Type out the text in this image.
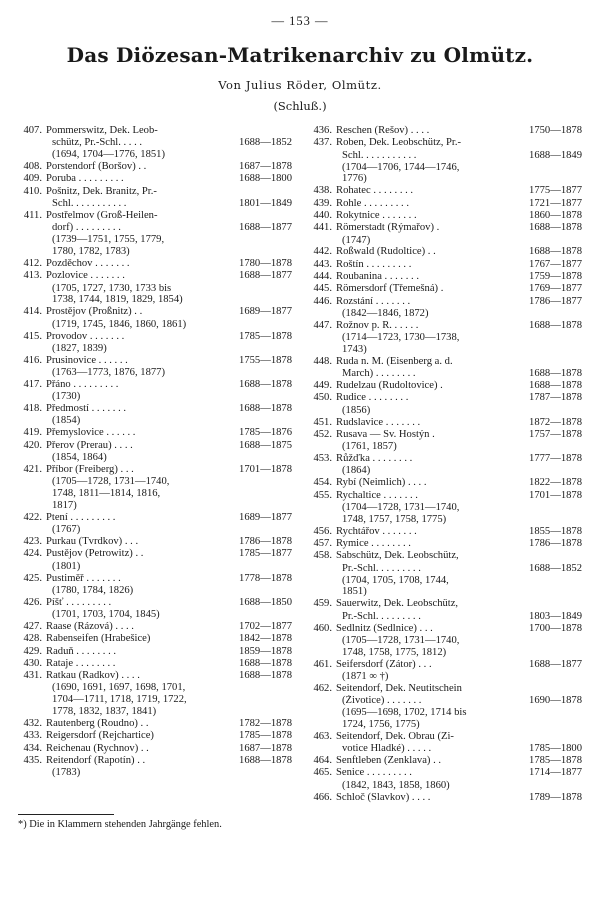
— 153 —
Das Diözesan-Matrikenarchiv zu Olmütz.
Von Julius Röder, Olmütz.
(Schluß.)
407. Pommerswitz, Dek. Leob-
schütz, Pr.-Schl. . . . .	1688—1852
(1694, 1704—1776, 1851)
408. Porstendorf (Boršov) . .	1687—1878
409. Poruba . . . . . . . . .	1688—1800
410. Pošnitz, Dek. Branitz, Pr.-
Schl. . . . . . . . . . .	1801—1849
411. Postřelmov (Groß-Heilen-
dorf) . . . . . . . . .	1688—1877
(1739—1751, 1755, 1779,
1780, 1782, 1783)
412. Pozděchov . . . . . . .	1780—1878
413. Pozlovice . . . . . . .	1688—1877
(1705, 1727, 1730, 1733 bis
1738, 1744, 1819, 1829, 1854)
414. Prostějov (Proßnitz) . .	1689—1877
(1719, 1745, 1846, 1860, 1861)
415. Provodov . . . . . . .	1785—1878
(1827, 1839)
416. Prusinovice . . . . . .	1755—1878
(1763—1773, 1876, 1877)
417. Přáno . . . . . . . . .	1688—1878
(1730)
418. Předmostí . . . . . . .	1688—1878
(1854)
419. Přemyslovice . . . . . .	1785—1876
420. Přerov (Prerau) . . . .	1688—1875
(1854, 1864)
421. Příbor (Freiberg) . . .	1701—1878
(1705—1728, 1731—1740,
1748, 1811—1814, 1816,
1817)
422. Ptení . . . . . . . . .	1689—1877
(1767)
423. Purkau (Tvrdkov) . . .	1786—1878
424. Pustějov (Petrowitz) . .	1785—1877
(1801)
425. Pustiměř . . . . . . .	1778—1878
(1780, 1784, 1826)
426. Píšť . . . . . . . . .	1688—1850
(1701, 1703, 1704, 1845)
427. Raase (Rázová) . . . .	1702—1877
428. Rabenseifen (Hrabešice)	1842—1878
429. Raduň . . . . . . . .	1859—1878
430. Rataje . . . . . . . .	1688—1878
431. Ratkau (Radkov) . . . .	1688—1878
(1690, 1691, 1697, 1698, 1701,
1704—1711, 1718, 1719, 1722,
1778, 1832, 1837, 1841)
432. Rautenberg (Roudno) . .	1782—1878
433. Reigersdorf (Rejchartice)	1785—1878
434. Reichenau (Rychnov) . .	1687—1878
435. Reitendorf (Rapotín) . .	1688—1878
(1783)
436. Reschen (Rešov) . . . .	1750—1878
437. Roben, Dek. Leobschütz, Pr.-
Schl. . . . . . . . . . .	1688—1849
(1704—1706, 1744—1746,
1776)
438. Rohatec . . . . . . . .	1775—1877
439. Rohle . . . . . . . . .	1721—1877
440. Rokytnice . . . . . . .	1860—1878
441. Römerstadt (Rýmařov) .	1688—1878
(1747)
442. Roßwald (Rudoltice) . .	1688—1878
443. Roštín . . . . . . . . .	1767—1877
444. Roubanina . . . . . . .	1759—1878
445. Römersdorf (Třemešná) .	1769—1877
446. Rozstání . . . . . . .	1786—1877
(1842—1846, 1872)
447. Rožnov p. R. . . . . .	1688—1878
(1714—1723, 1730—1738,
1743)
448. Ruda n. M. (Eisenberg a. d.
March) . . . . . . . .	1688—1878
449. Rudelzau (Rudoltovice) .	1688—1878
450. Rudice . . . . . . . .	1787—1878
(1856)
451. Rudslavice . . . . . . .	1872—1878
452. Rusava — Sv. Hostýn .	1757—1878
(1761, 1857)
453. Růžďka . . . . . . . .	1777—1878
(1864)
454. Rybí (Neimlich) . . . .	1822—1878
455. Rychaltice . . . . . . .	1701—1878
(1704—1728, 1731—1740,
1748, 1757, 1758, 1775)
456. Rychtářov . . . . . . .	1855—1878
457. Rymice . . . . . . . .	1786—1878
458. Sabschütz, Dek. Leobschütz,
Pr.-Schl. . . . . . . . .	1688—1852
(1704, 1705, 1708, 1744,
1851)
459. Sauerwitz, Dek. Leobschütz,
Pr.-Schl. . . . . . . . .	1803—1849
460. Sedlnitz (Sedlnice) . . .	1700—1878
(1705—1728, 1731—1740,
1748, 1758, 1775, 1812)
461. Seifersdorf (Zátor) . . .	1688—1877
(1871 ∞ †)
462. Seitendorf, Dek. Neutitschein
(Životice) . . . . . . .	1690—1878
(1695—1698, 1702, 1714 bis
1724, 1756, 1775)
463. Seitendorf, Dek. Obrau (Zi-
votice Hladké) . . . . .	1785—1800
464. Senftleben (Zenklava) . .	1785—1878
465. Senice . . . . . . . . .	1714—1877
(1842, 1843, 1858, 1860)
466. Schloč (Slavkov) . . . .	1789—1878
*) Die in Klammern stehenden Jahrgänge fehlen.
